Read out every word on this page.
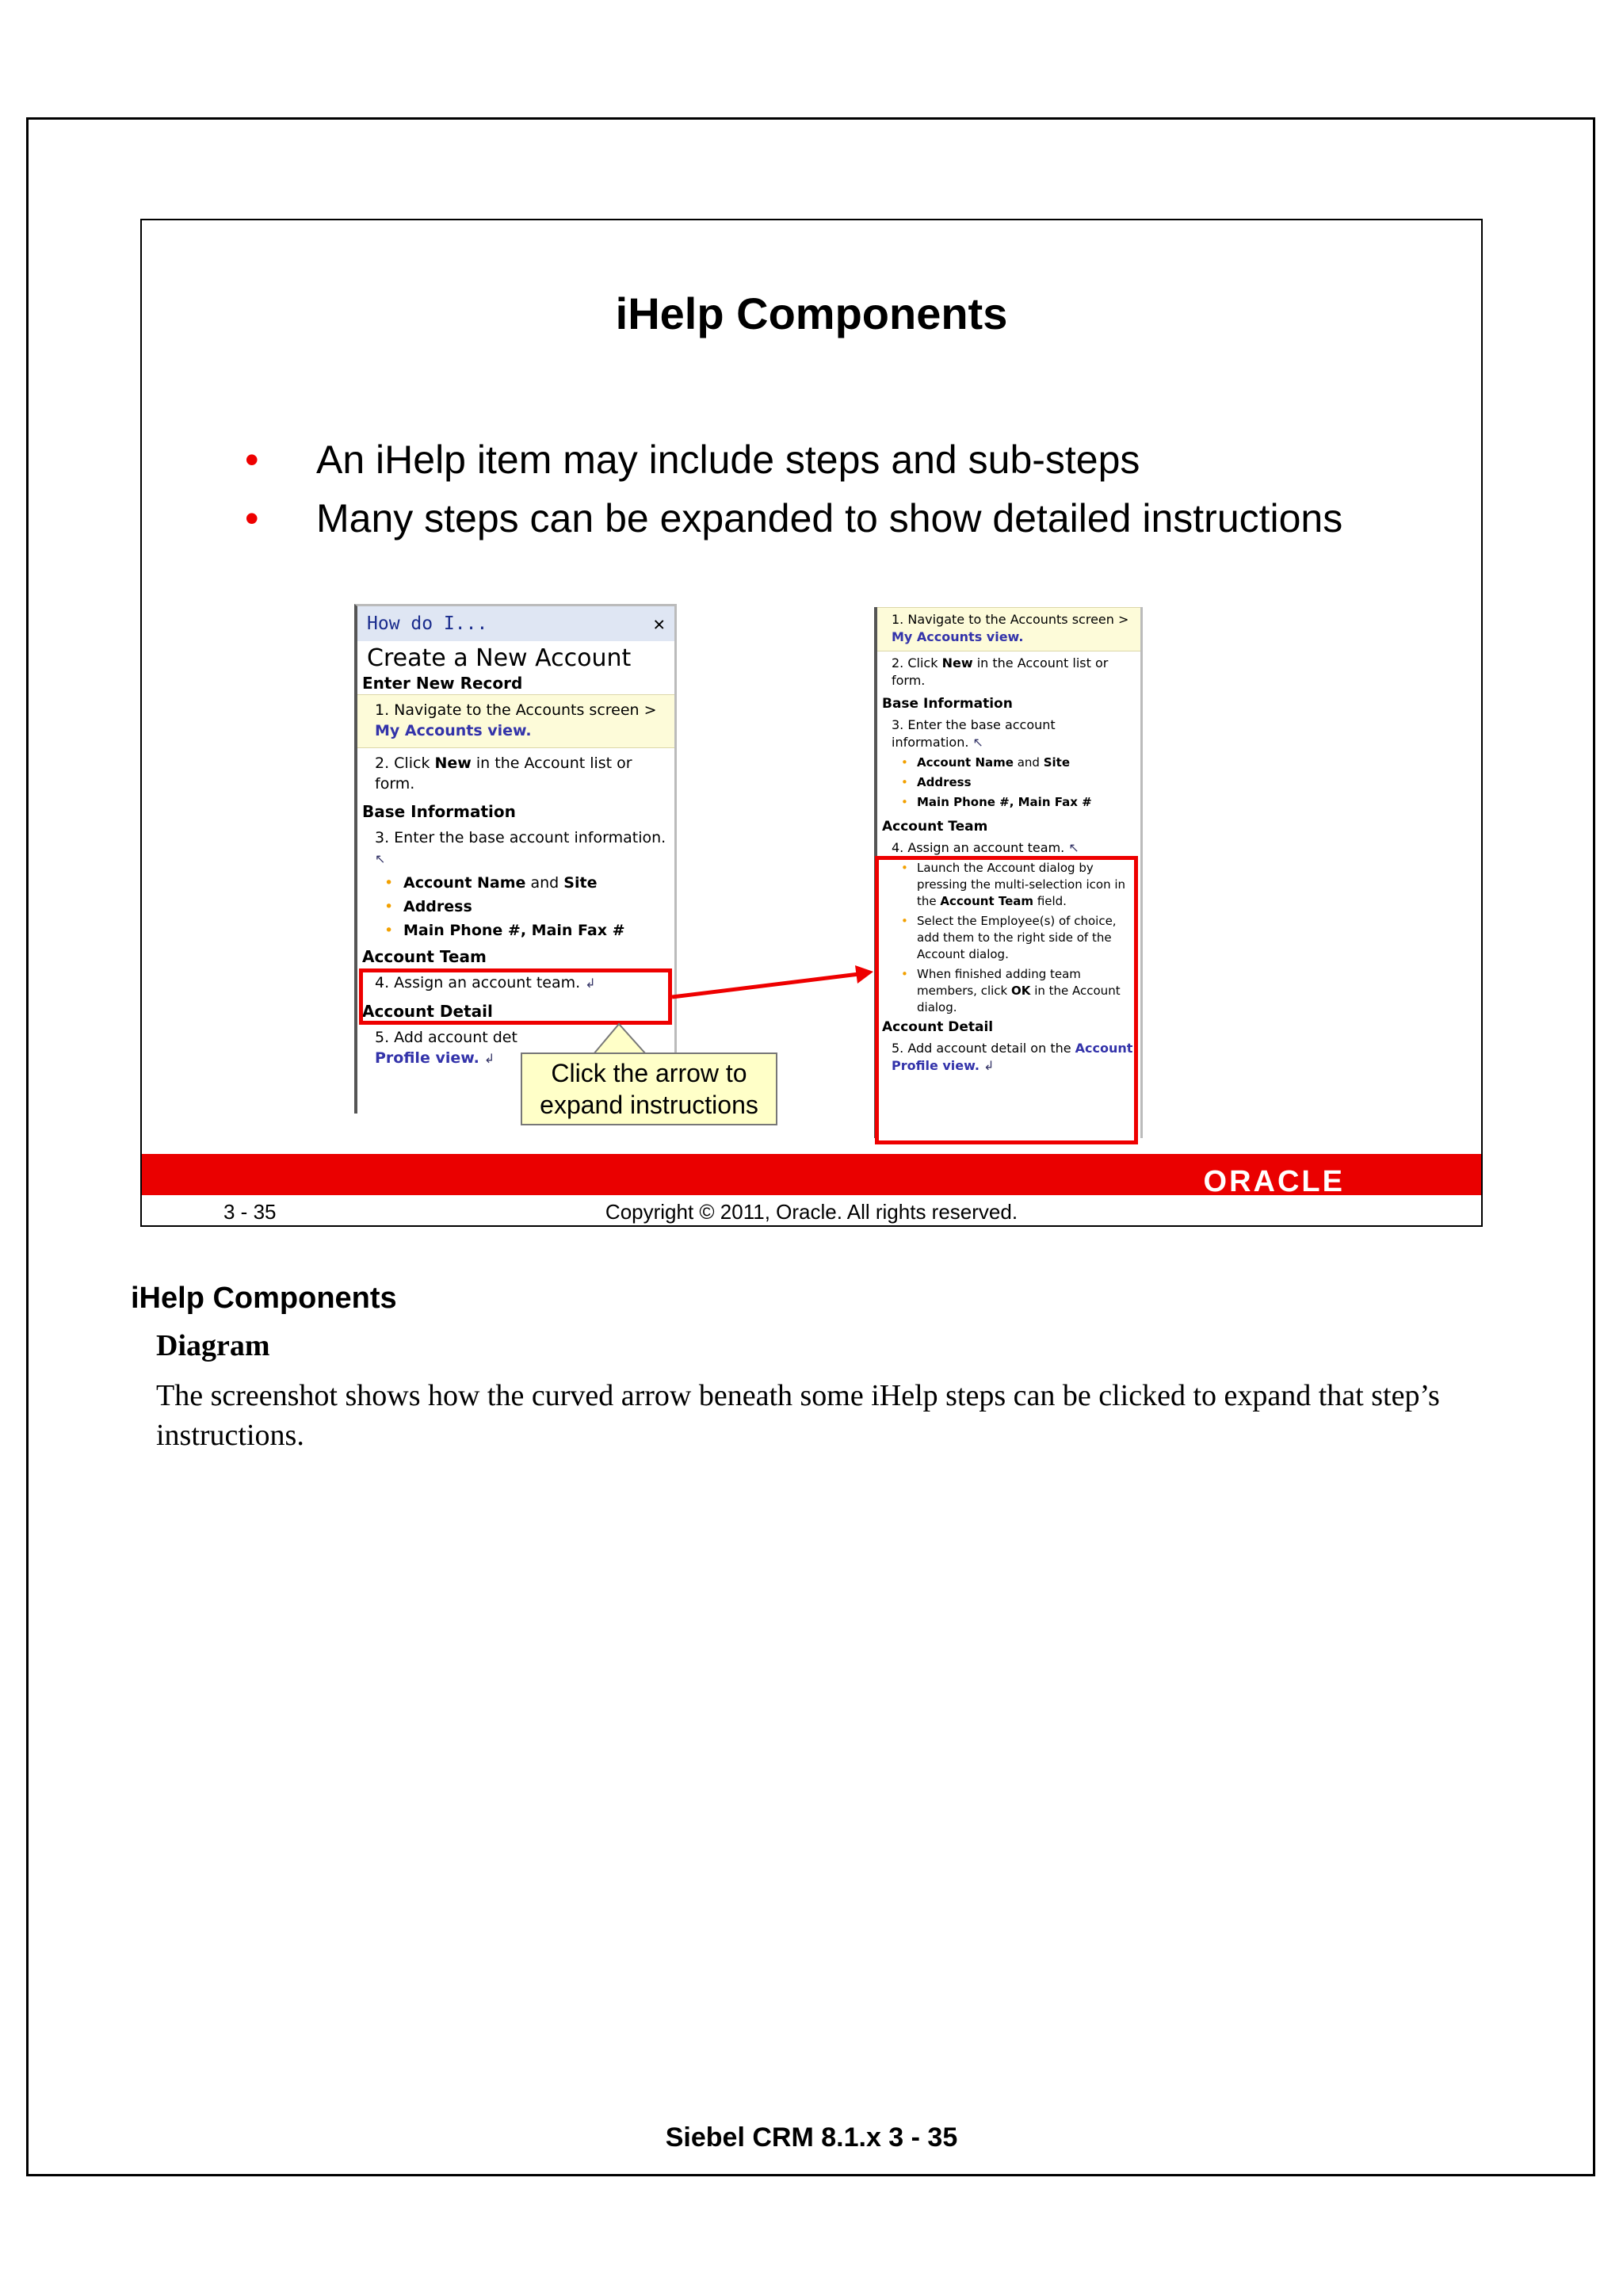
iHelp Components
• An iHelp item may include steps and sub-steps
• Many steps can be expanded to show detailed instructions
How do I...	✕
Create a New Account
Enter New Record
1. Navigate to the Accounts screen >
My Accounts view.
2. Click New in the Account list or form.
Base Information
3. Enter the base account information. ↖
• Account Name and Site
• Address
• Main Phone #, Main Fax #
Account Team
4. Assign an account team. ↲
Account Detail
5. Add account det
Profile view. ↲
1. Navigate to the Accounts screen >
My Accounts view.
2. Click New in the Account list or form.
Base Information
3. Enter the base account information. ↖
• Account Name and Site
• Address
• Main Phone #, Main Fax #
Account Team
4. Assign an account team. ↖
• Launch the Account dialog by pressing the multi-selection icon in the Account Team field.
• Select the Employee(s) of choice, add them to the right side of the Account dialog.
• When finished adding team members, click OK in the Account dialog.
Account Detail
5. Add account detail on the Account
Profile view. ↲
Click the arrow to expand instructions
ORACLE
Copyright © 2011, Oracle. All rights reserved.
3 - 35
iHelp Components
Diagram
The screenshot shows how the curved arrow beneath some iHelp steps can be clicked to expand that step’s instructions.
Siebel CRM 8.1.x 3 - 35
